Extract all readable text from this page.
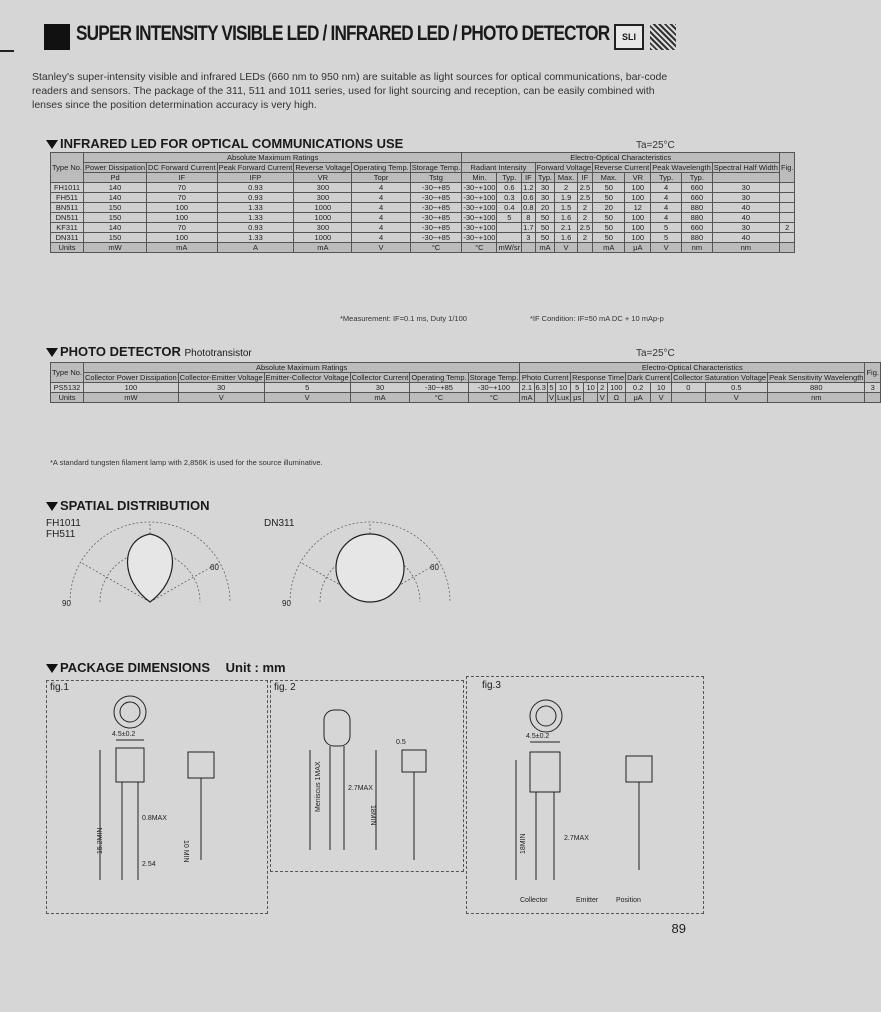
SUPER INTENSITY VISIBLE LED / INFRARED LED / PHOTO DETECTOR	SLI
Stanley's super-intensity visible and infrared LEDs (660 nm to 950 nm) are suitable as light sources for optical communications, bar-code readers and sensors. The package of the 311, 511 and 1011 series, used for light sourcing and reception, can be easily combined with lenses since the position determination accuracy is very high.
INFRARED LED FOR OPTICAL COMMUNICATIONS USE	Ta=25°C
Type No.	Absolute Maximum Ratings						Electro-Optical Characteristics											Fig.
	Power Dissipation	DC Forward Current	Peak Forward Current	Reverse Voltage	Operating Temp.	Storage Temp.	Radiant Intensity			Forward Voltage			Reverse Current		Peak Wavelength		Spectral Half Width	
	Pd	IF	IFP	VR	Topr	Tstg	Min.	Typ.	IF	Typ.	Max.	IF	Max.	VR	Typ.	Typ.		
FH1011	140	70	0.93	300	4	-30~+85	-30~+100	0.6	1.2	30	2	2.5	50	100	4	660	30	
FH511	140	70	0.93	300	4	-30~+85	-30~+100	0.3	0.6	30	1.9	2.5	50	100	4	660	30	
BN511	150	100	1.33	1000	4	-30~+85	-30~+100	0.4	0.8	20	1.5	2	20	12	4	880	40	
DN511	150	100	1.33	1000	4	-30~+85	-30~+100	5	8	50	1.6	2	50	100	4	880	40	
KF311	140	70	0.93	300	4	-30~+85	-30~+100		1.7	50	2.1	2.5	50	100	5	660	30	2
DN311	150	100	1.33	1000	4	-30~+85	-30~+100		3	50	1.6	2	50	100	5	880	40	
Units	mW	mA	A	mA	V	°C	°C	mW/sr		mA	V		mA	μA	V	nm	nm	
*Measurement: IF=0.1 ms, Duty 1/100	*IF Condition: IF=50 mA DC + 10 mAp-p
PHOTO DETECTOR Phototransistor	Ta=25°C
Type No.	Absolute Maximum Ratings						Electro-Optical Characteristics													Fig.
	Collector Power Dissipation	Collector-Emitter Voltage	Emitter-Collector Voltage	Collector Current	Operating Temp.	Storage Temp.	Photo Current				Response Time				Dark Current		Collector Saturation Voltage		Peak Sensitivity Wavelength	
PS5132	100	30	5	30	-30~+85	-30~+100	2.1	6.3	5	10	5	10	2	100	0.2	10	0	0.5	880	3
Units	mW	V	V	mA	°C	°C	mA		V	Lux	μs		V	Ω	μA	V		V	nm	
*A standard tungsten filament lamp with 2,856K is used for the source illuminative.
SPATIAL DISTRIBUTION
FH1011
FH511
DN311
60
90
60
90
PACKAGE DIMENSIONS Unit : mm
fig.1	fig. 2	fig.3
4.5±0.2
0.8MAX
2.54
15.2MIN	10 MIN
Meniscus 1MAX
18MIN
2.7MAX
0.5
4.5±0.2
2.7MAX
18MIN
Collector	Emitter	Position
89
